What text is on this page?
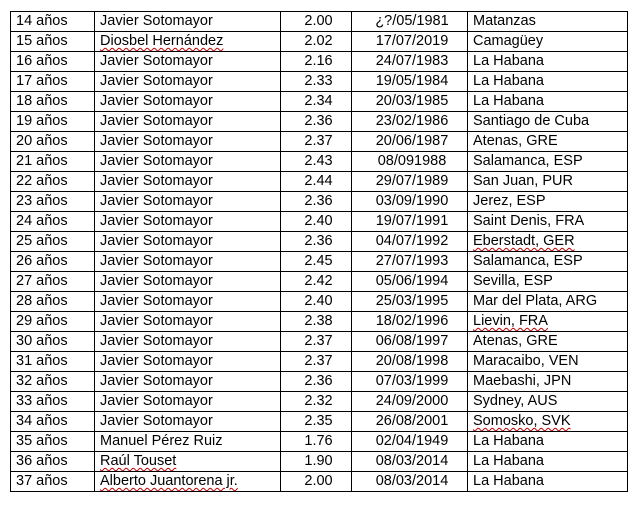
14 años	Javier Sotomayor	2.00	¿?/05/1981	Matanzas
15 años	Diosbel Hernández	2.02	17/07/2019	Camagüey
16 años	Javier Sotomayor	2.16	24/07/1983	La Habana
17 años	Javier Sotomayor	2.33	19/05/1984	La Habana
18 años	Javier Sotomayor	2.34	20/03/1985	La Habana
19 años	Javier Sotomayor	2.36	23/02/1986	Santiago de Cuba
20 años	Javier Sotomayor	2.37	20/06/1987	Atenas, GRE
21 años	Javier Sotomayor	2.43	08/091988	Salamanca, ESP
22 años	Javier Sotomayor	2.44	29/07/1989	San Juan, PUR
23 años	Javier Sotomayor	2.36	03/09/1990	Jerez, ESP
24 años	Javier Sotomayor	2.40	19/07/1991	Saint Denis, FRA
25 años	Javier Sotomayor	2.36	04/07/1992	Eberstadt, GER
26 años	Javier Sotomayor	2.45	27/07/1993	Salamanca, ESP
27 años	Javier Sotomayor	2.42	05/06/1994	Sevilla, ESP
28 años	Javier Sotomayor	2.40	25/03/1995	Mar del Plata, ARG
29 años	Javier Sotomayor	2.38	18/02/1996	Lievin, FRA
30 años	Javier Sotomayor	2.37	06/08/1997	Atenas, GRE
31 años	Javier Sotomayor	2.37	20/08/1998	Maracaibo, VEN
32 años	Javier Sotomayor	2.36	07/03/1999	Maebashi, JPN
33 años	Javier Sotomayor	2.32	24/09/2000	Sydney, AUS
34 años	Javier Sotomayor	2.35	26/08/2001	Somosko, SVK
35 años	Manuel Pérez Ruiz	1.76	02/04/1949	La Habana
36 años	Raúl Touset	1.90	08/03/2014	La Habana
37 años	Alberto Juantorena jr.	2.00	08/03/2014	La Habana
